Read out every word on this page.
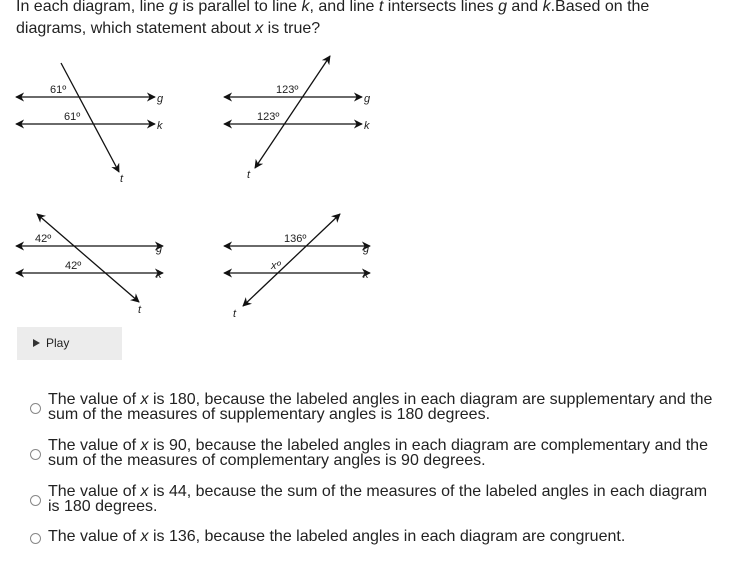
In each diagram, line g is parallel to line k, and line t intersects lines g and k.Based on the diagrams, which statement about x is true?
61º
61º
g
k
t
123º
123º
g
k
t
42º
42º
g
k
t
136º
xº
g
k
t
Play
The value of x is 180, because the labeled angles in each diagram are supplementary and the sum of the measures of supplementary angles is 180 degrees.
The value of x is 90, because the labeled angles in each diagram are complementary and the sum of the measures of complementary angles is 90 degrees.
The value of x is 44, because the sum of the measures of the labeled angles in each diagram is 180 degrees.
The value of x is 136, because the labeled angles in each diagram are congruent.
